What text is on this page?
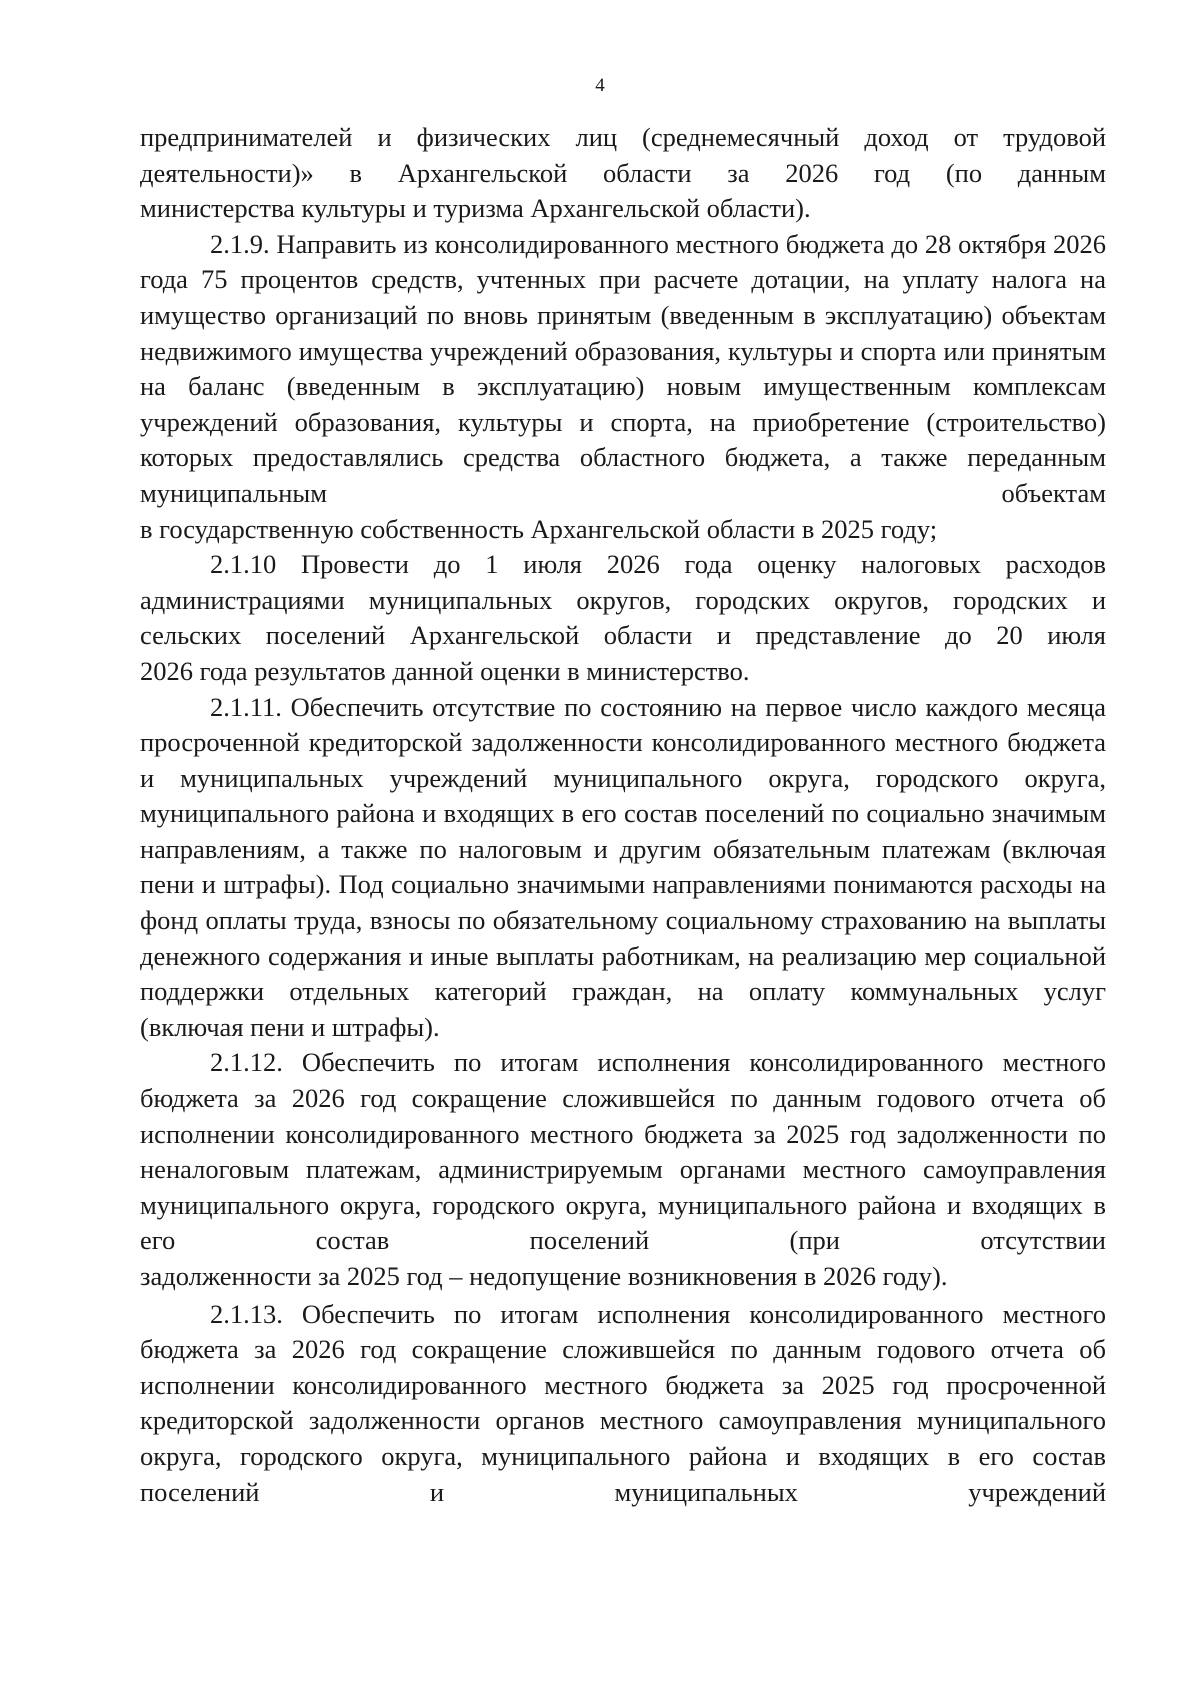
4

предпринимателей и физических лиц (среднемесячный доход от трудовой деятельности)» в Архангельской области за 2026 год (по данным

министерства культуры и туризма Архангельской области).

2.1.9. Направить из консолидированного местного бюджета до 28 октября 2026 года 75 процентов средств, учтенных при расчете дотации, на уплату налога на имущество организаций по вновь принятым (введенным в эксплуатацию) объектам недвижимого имущества учреждений образования, культуры и спорта или принятым на баланс (введенным в эксплуатацию) новым имущественным комплексам учреждений образования, культуры и спорта, на приобретение (строительство) которых предоставлялись средства областного бюджета, а также переданным муниципальным объектам

в государственную собственность Архангельской области в 2025 году;

2.1.10 Провести до 1 июля 2026 года оценку налоговых расходов администрациями муниципальных округов, городских округов, городских и сельских поселений Архангельской области и представление до 20 июля

2026 года результатов данной оценки в министерство.

2.1.11. Обеспечить отсутствие по состоянию на первое число каждого месяца просроченной кредиторской задолженности консолидированного местного бюджета и муниципальных учреждений муниципального округа, городского округа, муниципального района и входящих в его состав поселений по социально значимым направлениям, а также по налоговым и другим обязательным платежам (включая пени и штрафы). Под социально значимыми направлениями понимаются расходы на фонд оплаты труда, взносы по обязательному социальному страхованию на выплаты денежного содержания и иные выплаты работникам, на реализацию мер социальной поддержки отдельных категорий граждан, на оплату коммунальных услуг

(включая пени и штрафы).

2.1.12. Обеспечить по итогам исполнения консолидированного местного бюджета за 2026 год сокращение сложившейся по данным годового отчета об исполнении консолидированного местного бюджета за 2025 год задолженности по неналоговым платежам, администрируемым органами местного самоуправления муниципального округа, городского округа, муниципального района и входящих в его состав поселений (при отсутствии

задолженности за 2025 год – недопущение возникновения в 2026 году).

2.1.13. Обеспечить по итогам исполнения консолидированного местного бюджета за 2026 год сокращение сложившейся по данным годового отчета об исполнении консолидированного местного бюджета за 2025 год просроченной кредиторской задолженности органов местного самоуправления муниципального округа, городского округа, муниципального района и входящих в его состав поселений и муниципальных учреждений
